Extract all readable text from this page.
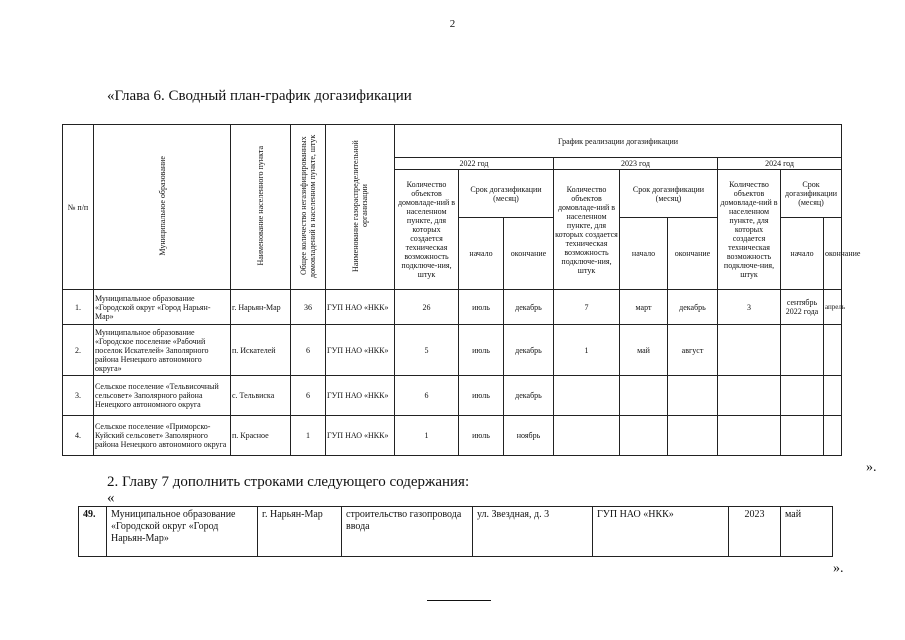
2
«Глава 6. Сводный план-график догазификации
№ п/п	Муниципальное образование	Наименование населенного пункта	Общее количество негазифицированных домовладений в населенном пункте, штук	Наименование газораспределительной организации	График реализации догазификации								
					2022 год			2023 год			2024 год		
					Количество объектов домовладе-ний в населенном пункте, для которых создается техническая возможность подключе-ния, штук	Срок догазификации (месяц)		Количество объектов домовладе-ний в населенном пункте, для которых создается техническая возможность подключе-ния, штук	Срок догазификации (месяц)		Количество объектов домовладе-ний в населенном пункте, для которых создается техническая возможность подключе-ния, штук	Срок догазификации (месяц)	
						начало	окончание		начало	окончание		начало	окончание
1.	Муниципальное образование «Городской округ «Город Нарьян-Мар»	г. Нарьян-Мар	36	ГУП НАО «НКК»	26	июль	декабрь	7	март	декабрь	3	сентябрь 2022 года	апрель
2.	Муниципальное образование «Городское поселение «Рабочий поселок Искателей» Заполярного района Ненецкого автономного округа»	п. Искателей	6	ГУП НАО «НКК»	5	июль	декабрь	1	май	август			
3.	Сельское поселение «Тельвисочный сельсовет» Заполярного района Ненецкого автономного округа	с. Тельвиска	6	ГУП НАО «НКК»	6	июль	декабрь						
4.	Сельское поселение «Приморско-Куйский сельсовет» Заполярного района Ненецкого автономного округа	п. Красное	1	ГУП НАО «НКК»	1	июль	ноябрь						
».
2. Главу 7 дополнить строками следующего содержания:
«
49.	Муниципальное образование «Городской округ «Город Нарьян-Мар»	г. Нарьян-Мар	строительство газопровода ввода	ул. Звездная, д. 3	ГУП НАО «НКК»	2023	май
».
